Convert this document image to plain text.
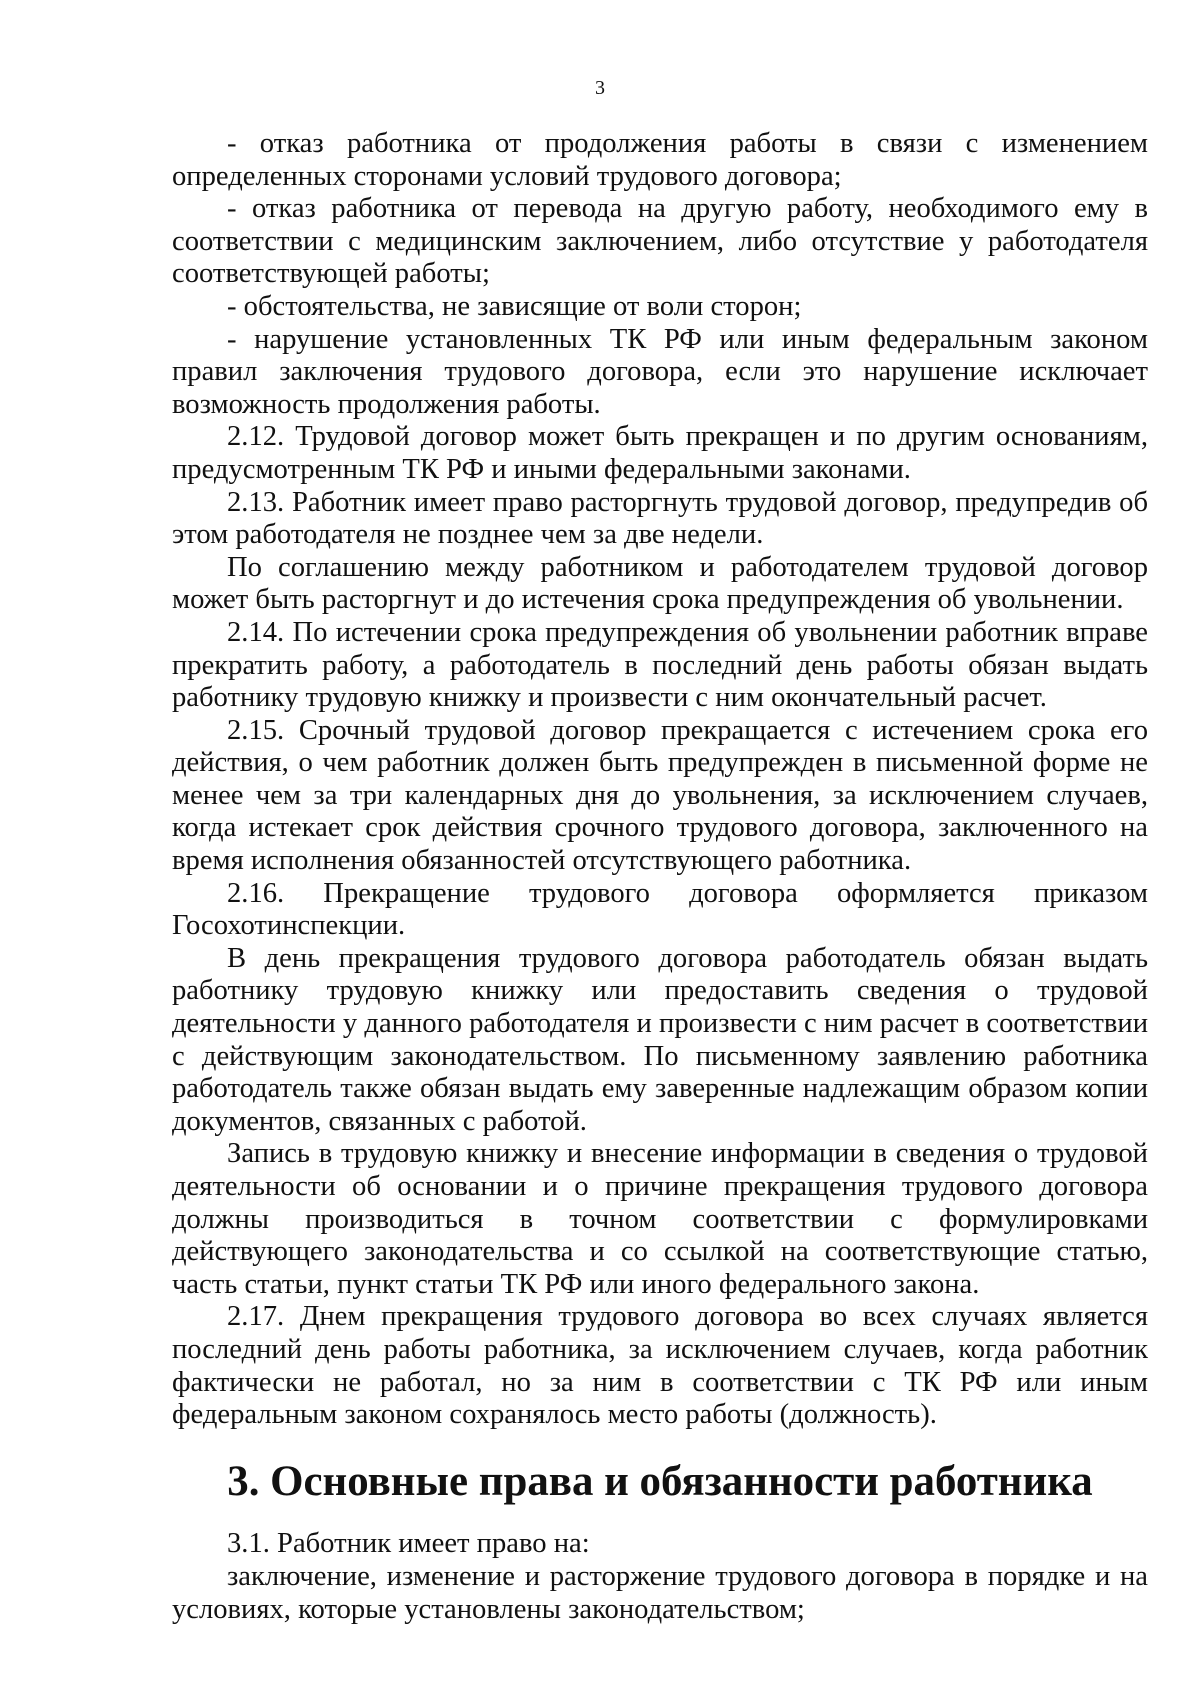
3

- отказ работника от продолжения работы в связи с изменением определенных сторонами условий трудового договора;

- отказ работника от перевода на другую работу, необходимого ему в соответствии с медицинским заключением, либо отсутствие у работодателя соответствующей работы;

- обстоятельства, не зависящие от воли сторон;

- нарушение установленных ТК РФ или иным федеральным законом правил заключения трудового договора, если это нарушение исключает возможность продолжения работы.

2.12. Трудовой договор может быть прекращен и по другим основаниям, предусмотренным ТК РФ и иными федеральными законами.

2.13. Работник имеет право расторгнуть трудовой договор, предупредив об этом работодателя не позднее чем за две недели.

По соглашению между работником и работодателем трудовой договор может быть расторгнут и до истечения срока предупреждения об увольнении.

2.14. По истечении срока предупреждения об увольнении работник вправе прекратить работу, а работодатель в последний день работы обязан выдать работнику трудовую книжку и произвести с ним окончательный расчет.

2.15. Срочный трудовой договор прекращается с истечением срока его действия, о чем работник должен быть предупрежден в письменной форме не менее чем за три календарных дня до увольнения, за исключением случаев, когда истекает срок действия срочного трудового договора, заключенного на время исполнения обязанностей отсутствующего работника.

2.16. Прекращение трудового договора оформляется приказом Госохотинспекции.

В день прекращения трудового договора работодатель обязан выдать работнику трудовую книжку или предоставить сведения о трудовой деятельности у данного работодателя и произвести с ним расчет в соответствии с действующим законодательством. По письменному заявлению работника работодатель также обязан выдать ему заверенные надлежащим образом копии документов, связанных с работой.

Запись в трудовую книжку и внесение информации в сведения о трудовой деятельности об основании и о причине прекращения трудового договора должны производиться в точном соответствии с формулировками действующего законодательства и со ссылкой на соответствующие статью, часть статьи, пункт статьи ТК РФ или иного федерального закона.

2.17. Днем прекращения трудового договора во всех случаях является последний день работы работника, за исключением случаев, когда работник фактически не работал, но за ним в соответствии с ТК РФ или иным федеральным законом сохранялось место работы (должность).

3. Основные права и обязанности работника

3.1. Работник имеет право на:

заключение, изменение и расторжение трудового договора в порядке и на условиях, которые установлены законодательством;
